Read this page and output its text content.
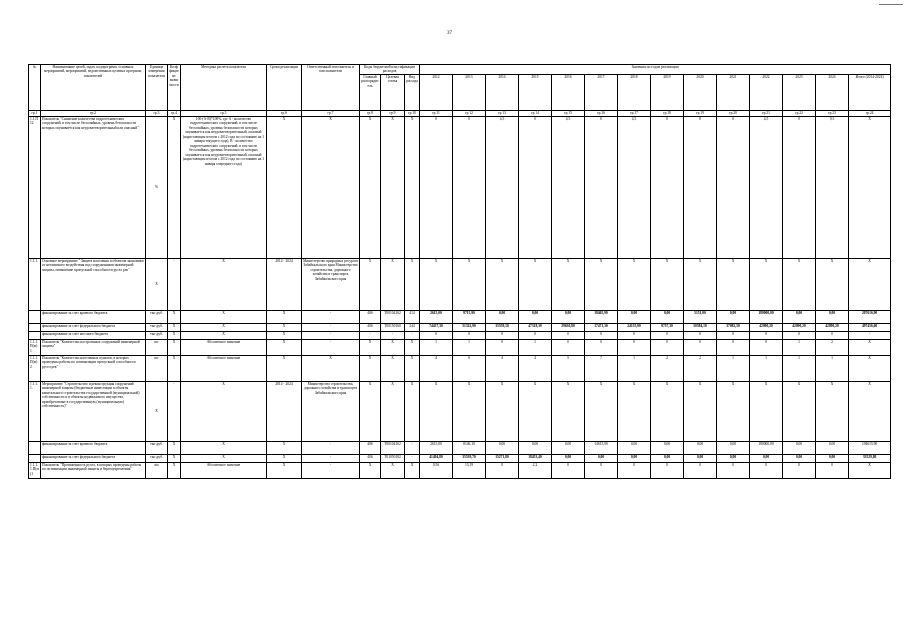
37
№	Наименование целей, задач, подпрограмм, основных мероприятий, мероприятий, ведомственных целевых программ, показателей	Единица измерения показателя	Коэффициент значимости	Методика расчета показателя	Сроки реализации	Ответственный исполнитель и соисполнители	Коды бюджетной классификации расходов			Значения по годам реализации													
							Главный распорядитель	Целевая статья	Вид расхода	2012	2013	2014	2015	2016	2017	2018	2019	2020	2021	2022	2023	2024	Итого (2014-2024)
гр.1	гр.2	гр.3	гр.4	гр.5	гр.6	гр.7	гр.8	гр.9	гр.10	гр.11	гр.12	гр.13	гр.14	гр.15	гр.16	гр.17	гр.18	гр.19	гр.20	гр.21	гр.22	гр.23	гр.24
1.1.П12	Показатель "Снижение количества гидротехнических сооружений, в том числе бесхозяйных, уровень безопасности которых оценивается как неудовлетворительный или опасный"	%	X	100-(A-B)*100%, где A - количество гидротехнических сооружений, в том числе бесхозяйных, уровень безопасности которых оценивается как неудовлетворительный, опасный (нарастающим итогом с 2012 года по состоянию на 1 января текущего года), B - количество гидротехнических сооружений, в том числе бесхозяйных, уровень безопасности которых оценивается как неудовлетворительный, опасный (нарастающим итогом с 2012 года по состоянию на 1 января очередного года)	X	X	X	X	X	0	0	4,5	0	4,5	0	4,5	0	0	0	4,5	0	9,5	X
1.1.1.	Основное мероприятие " Защита населения и объектов экономики от негативного воздействия вод сооружениями инженерной защиты, повышение пропускной способности русел рек"	X	-	X	2014 - 2024	Министерство природных ресурсов Забайкальского края Министерство строительства, дорожного хозяйства и транспорта Забайкальского края	X	X	X	X	X	X	X	X	X	X	X	X	X	X	X	X	X
	финансирование за счет краевого бюджета	тыс.руб.	X	X	X	-	406	Т00104162	414	2615,00	9715,90	0,00	0,00	0,00	18465,90	0,00	0,00	5151,00	0,00	180000,00	0,00	0,00	207616,90
	финансирование за счет федерального бюджета	тыс.руб.	X	X	X	-	406	Т00150160	244	74457,30	51322,90	35559,10	47318,30	29630,80	17471,30	24155,00	9757,30	50584,10	37082,50	42090,20	42090,20	42090,20	497456,60
	финансирование за счет местного бюджета	тыс.руб.	X	X	X	-	-	-	-	0	0	0	0	0	0	0	0	0	0	0	0	0	-
1.1.1.П(м)1	Показатель "Количество построенных сооружений инженерной защиты"	шт	X	Абсолютное значение	X	-	X	X	X	1	1	0	1	0	0	0	0	0	0	0	1	2	X
1.1.1.П(м)2	Показатель "Количество населенных пунктов, в которых проведены работы по оптимизации пропускной способности русел рек"	шт	X	Абсолютное значение	X	X	X	X	X	4	6	4	4	5	7	1	2	2	1	1	1	1	X
1.1.1.1.	Мероприятие "Строительство и реконструкция сооружений инженерной защиты (бюджетные инвестиции в объекты капитального строительства государственной (муниципальной) собственности и в объекты недвижимого имущества, приобретаемые в государственную (муниципальную) собственность)"	X	-	X	2014 - 2024	Министерство строительства, дорожного хозяйства и транспорта Забайкальского края	X	X	X	X	X	X	X	X	X	X	X	X	X	X	X	X	X
	финансирование за счет краевого бюджета	тыс.руб.	X	X	X	-	406	Т00104162	-	2615,00	8146,10	0,00	0,00	0,00	14615,90	0,00	0,00	0,00	0,00	180000,00	0,00	0,00	194615,90
	финансирование за счет федерального бюджета	тыс.руб.	X	X	X	-	406	Т01050182	-	41494,80	35539,70	15271,80	18453,40	0,00	0,00	0,00	0,00	0,00	0,00	0,00	0,00	0,00	33529,80
1.1.1.1.П(м)1	Показатель "Протяженность русел, в которых проведены работы по оптимизации инженерной защиты и берегоукрепления"	км	X	Абсолютное значение	X	-	X	X	X	0,56	13,19	0	2,2	0	0	0	0	0	0	0	0	0	X
